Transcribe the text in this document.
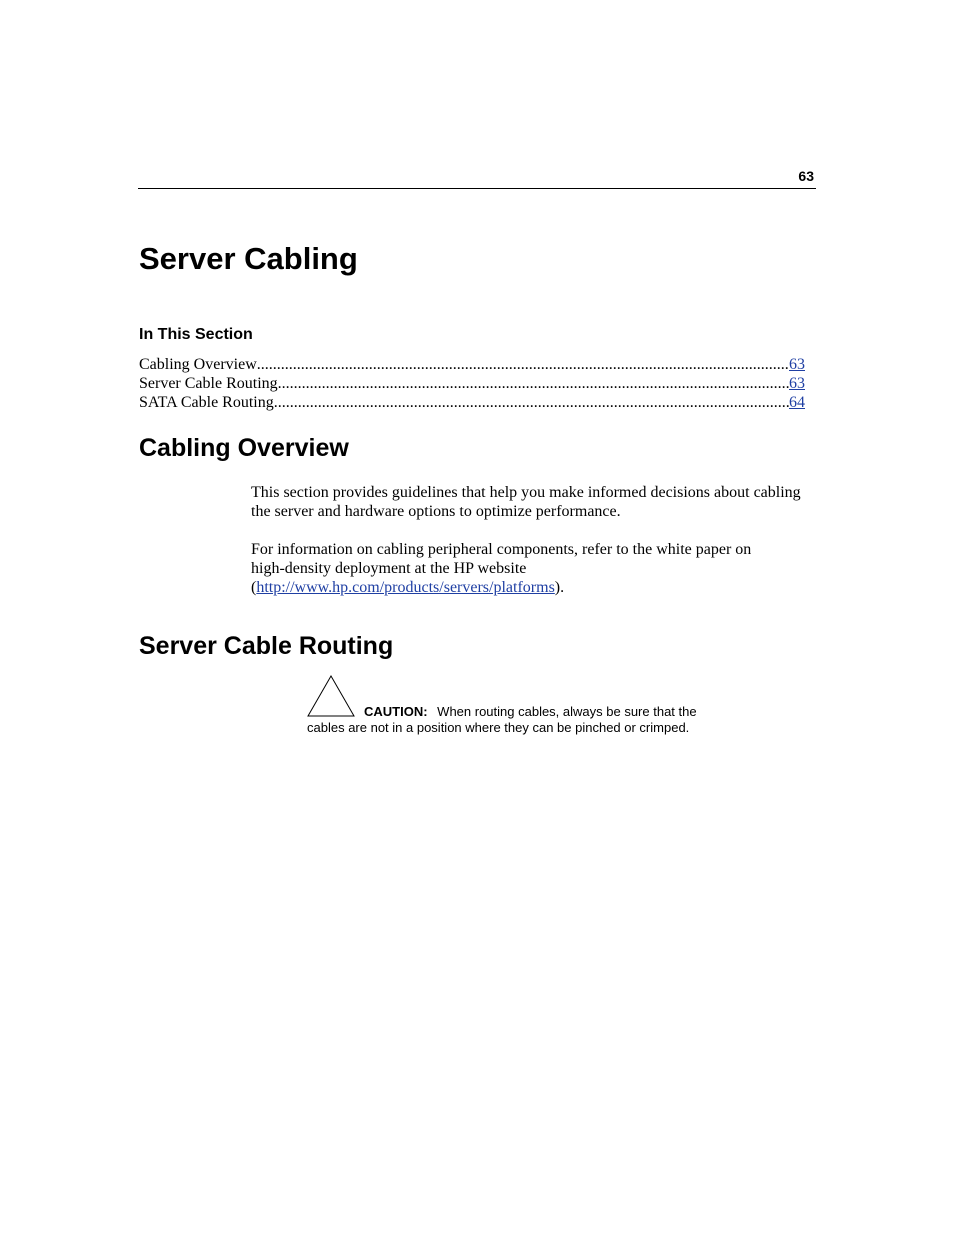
63
Server Cabling
In This Section
Cabling Overview .....	63
Server Cable Routing .....	63
SATA Cable Routing .....	64
Cabling Overview

This section provides guidelines that help you make informed decisions about cabling the server and hardware options to optimize performance.

For information on cabling peripheral components, refer to the white paper on
high-density deployment at the HP website
(http://www.hp.com/products/servers/platforms).

Server Cable Routing
CAUTION: When routing cables, always be sure that the
cables are not in a position where they can be pinched or crimped.
